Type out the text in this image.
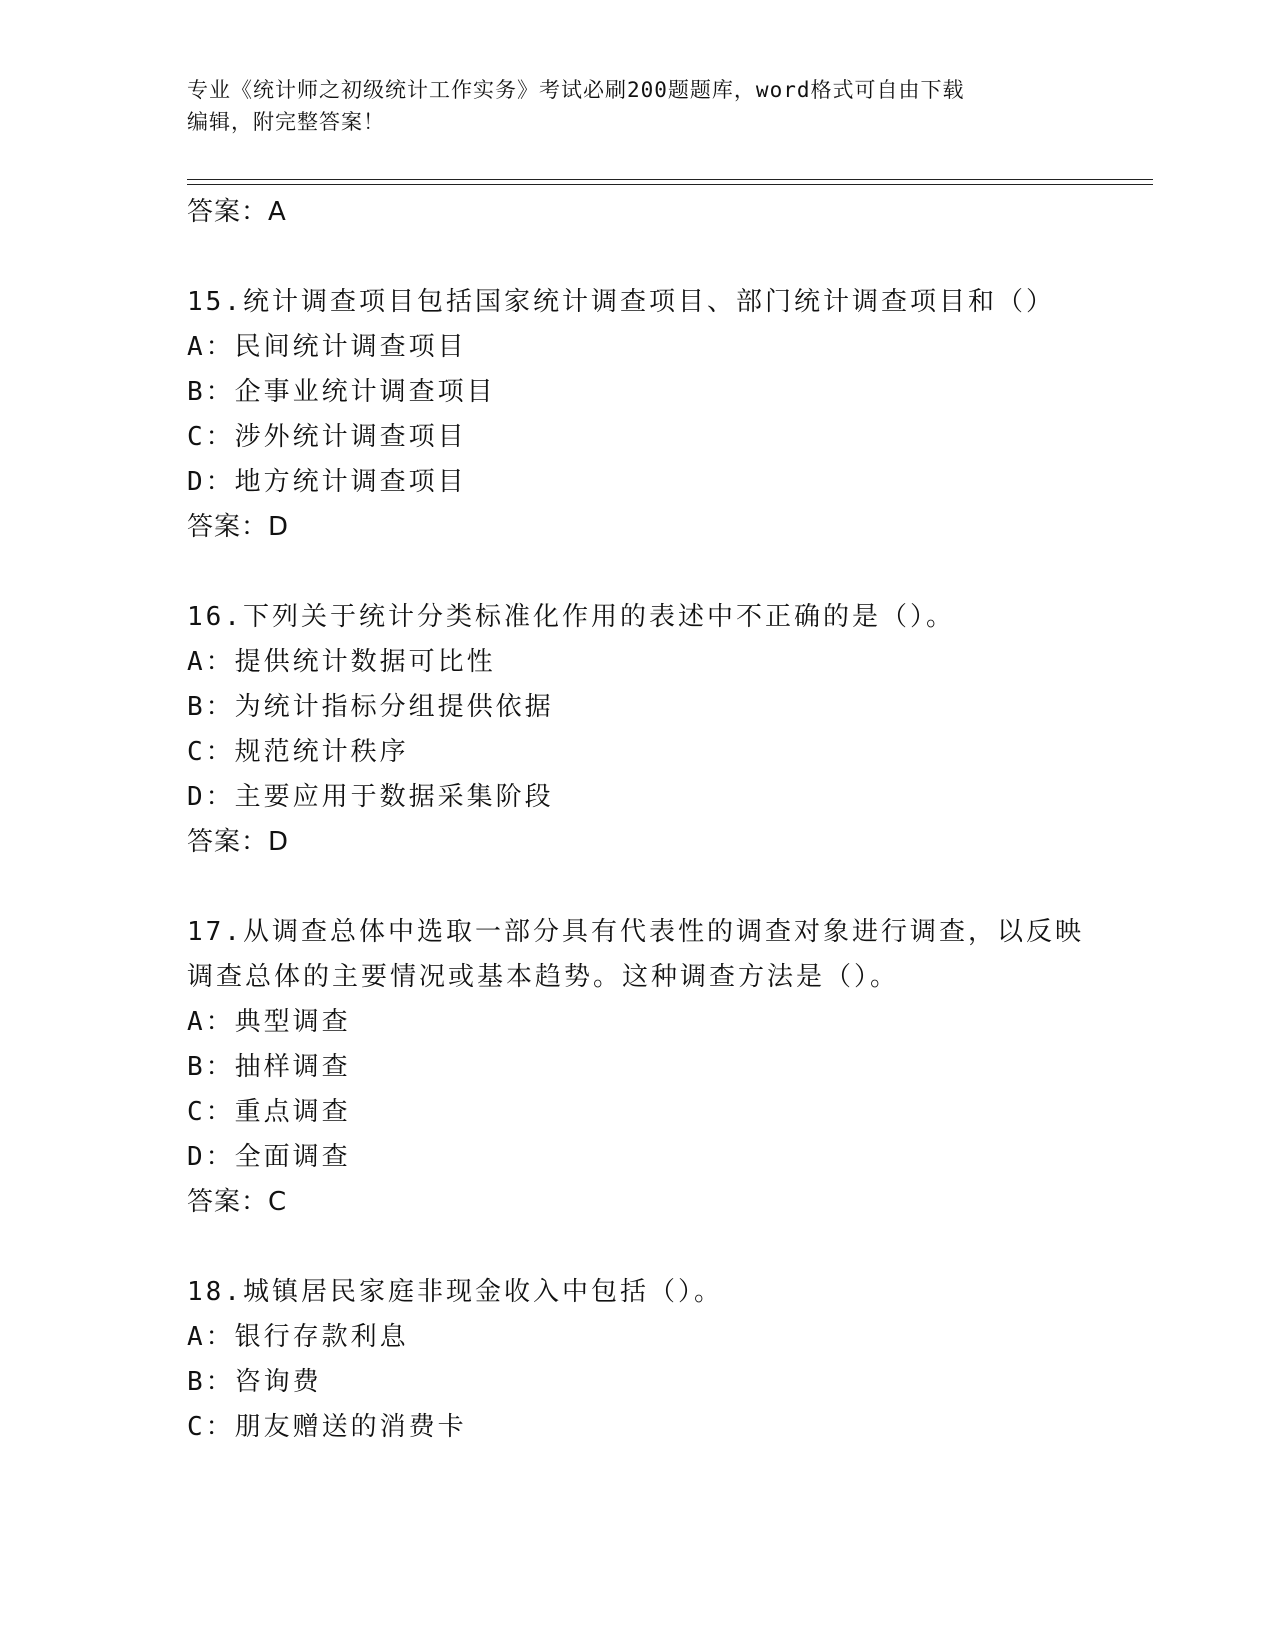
专业《统计师之初级统计工作实务》考试必刷200题题库，word格式可自由下载
编辑，附完整答案！
答案：A
15.统计调查项目包括国家统计调查项目、部门统计调查项目和（）
A：民间统计调查项目
B：企事业统计调查项目
C：涉外统计调查项目
D：地方统计调查项目
答案：D
16.下列关于统计分类标准化作用的表述中不正确的是（）。
A：提供统计数据可比性
B：为统计指标分组提供依据
C：规范统计秩序
D：主要应用于数据采集阶段
答案：D
17.从调查总体中选取一部分具有代表性的调查对象进行调查，以反映调查总体的主要情况或基本趋势。这种调查方法是（）。
A：典型调查
B：抽样调查
C：重点调查
D：全面调查
答案：C
18.城镇居民家庭非现金收入中包括（）。
A：银行存款利息
B：咨询费
C：朋友赠送的消费卡
